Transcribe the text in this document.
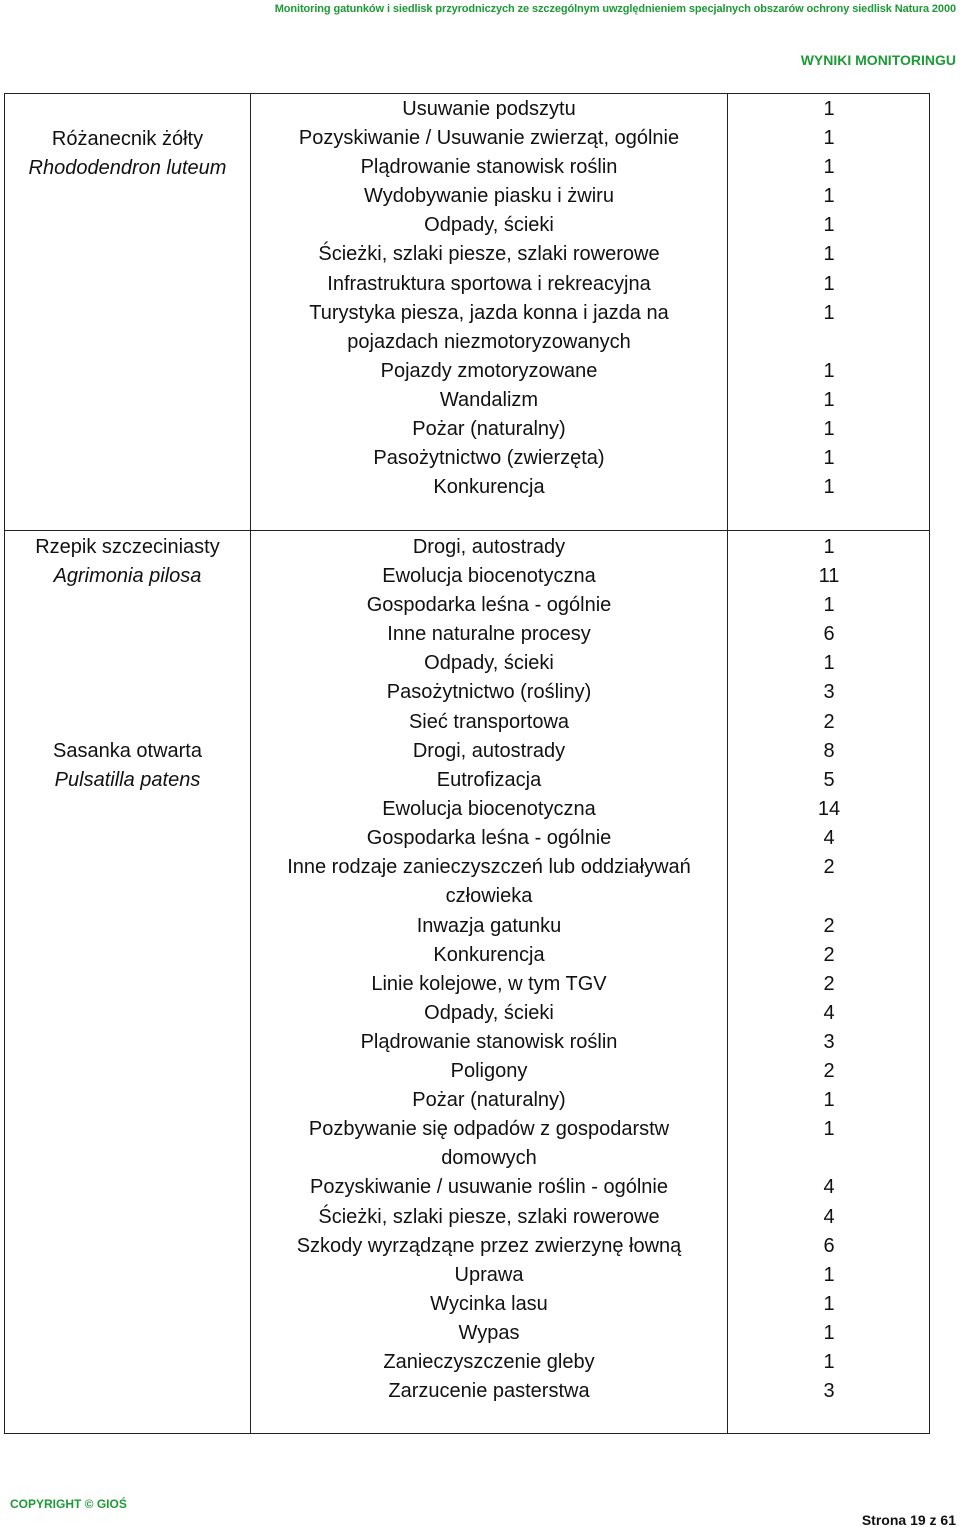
Monitoring gatunków i siedlisk przyrodniczych ze szczególnym uwzględnieniem specjalnych obszarów ochrony siedlisk Natura 2000
WYNIKI MONITORINGU
Różanecnik żółty
Rhododendron luteum
Usuwanie podszytu
Pozyskiwanie / Usuwanie zwierząt, ogólnie
Plądrowanie stanowisk roślin
Wydobywanie piasku i żwiru
Odpady, ścieki
Ścieżki, szlaki piesze, szlaki rowerowe
Infrastruktura sportowa i rekreacyjna
Turystyka piesza, jazda konna i jazda na
pojazdach niezmotoryzowanych
Pojazdy zmotoryzowane
Wandalizm
Pożar (naturalny)
Pasożytnictwo (zwierzęta)
Konkurencja
1
1
1
1
1
1
1
1

1
1
1
1
1
Rzepik szczeciniasty
Agrimonia pilosa
Drogi, autostrady
Ewolucja biocenotyczna
Gospodarka leśna - ogólnie
Inne naturalne procesy
Odpady, ścieki
Pasożytnictwo (rośliny)
Sieć transportowa
1
11
1
6
1
3
2
Sasanka otwarta
Pulsatilla patens
Drogi, autostrady
Eutrofizacja
Ewolucja biocenotyczna
Gospodarka leśna - ogólnie
Inne rodzaje zanieczyszczeń lub oddziaływań
człowieka
Inwazja gatunku
Konkurencja
Linie kolejowe, w tym TGV
Odpady, ścieki
Plądrowanie stanowisk roślin
Poligony
Pożar (naturalny)
Pozbywanie się odpadów z gospodarstw
domowych
Pozyskiwanie / usuwanie roślin - ogólnie
Ścieżki, szlaki piesze, szlaki rowerowe
Szkody wyrządząne przez zwierzynę łowną
Uprawa
Wycinka lasu
Wypas
Zanieczyszczenie gleby
Zarzucenie pasterstwa
8
5
14
4
2

2
2
2
4
3
2
1
1

4
4
6
1
1
1
1
3
COPYRIGHT © GIOŚ
Strona 19 z 61
